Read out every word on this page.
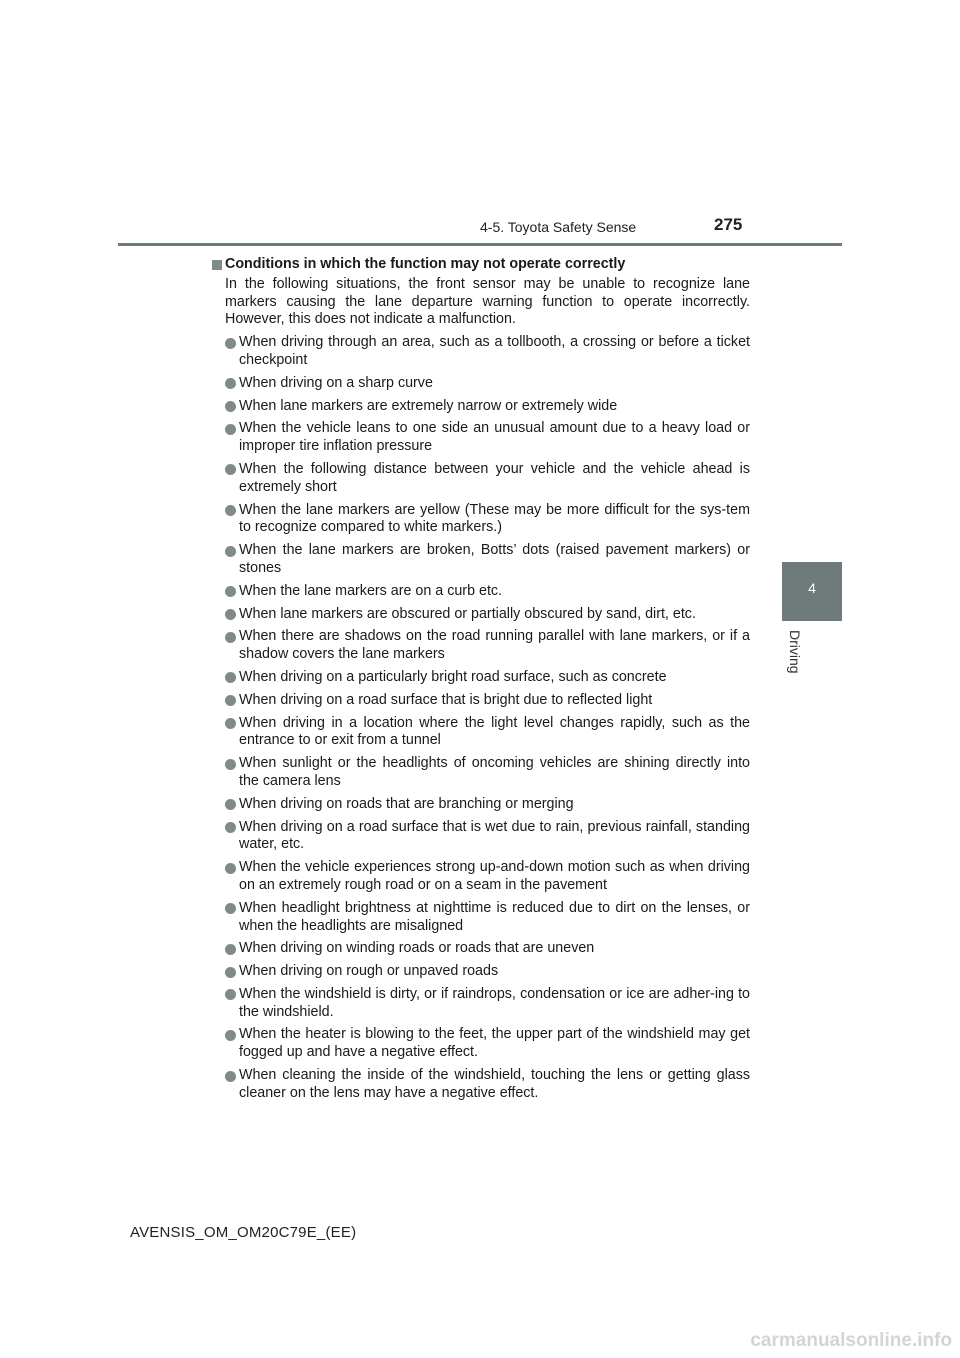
4-5. Toyota Safety Sense	275
4
Driving
Conditions in which the function may not operate correctly
In the following situations, the front sensor may be unable to recognize lane markers causing the lane departure warning function to operate incorrectly. However, this does not indicate a malfunction.
When driving through an area, such as a tollbooth, a crossing or before a ticket checkpoint
When driving on a sharp curve
When lane markers are extremely narrow or extremely wide
When the vehicle leans to one side an unusual amount due to a heavy load or improper tire inflation pressure
When the following distance between your vehicle and the vehicle ahead is extremely short
When the lane markers are yellow (These may be more difficult for the sys-tem to recognize compared to white markers.)
When the lane markers are broken, Botts’ dots (raised pavement markers) or stones
When the lane markers are on a curb etc.
When lane markers are obscured or partially obscured by sand, dirt, etc.
When there are shadows on the road running parallel with lane markers, or if a shadow covers the lane markers
When driving on a particularly bright road surface, such as concrete
When driving on a road surface that is bright due to reflected light
When driving in a location where the light level changes rapidly, such as the entrance to or exit from a tunnel
When sunlight or the headlights of oncoming vehicles are shining directly into the camera lens
When driving on roads that are branching or merging
When driving on a road surface that is wet due to rain, previous rainfall, standing water, etc.
When the vehicle experiences strong up-and-down motion such as when driving on an extremely rough road or on a seam in the pavement
When headlight brightness at nighttime is reduced due to dirt on the lenses, or when the headlights are misaligned
When driving on winding roads or roads that are uneven
When driving on rough or unpaved roads
When the windshield is dirty, or if raindrops, condensation or ice are adher-ing to the windshield.
When the heater is blowing to the feet, the upper part of the windshield may get fogged up and have a negative effect.
When cleaning the inside of the windshield, touching the lens or getting glass cleaner on the lens may have a negative effect.
AVENSIS_OM_OM20C79E_(EE)
carmanualsonline.info
